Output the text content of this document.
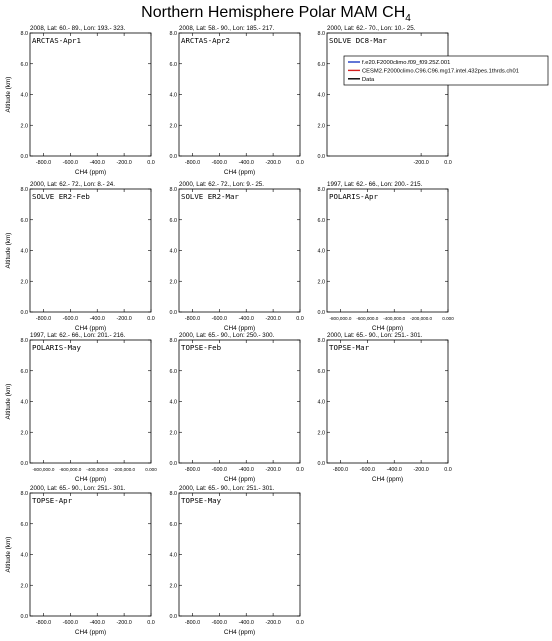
Northern Hemisphere Polar MAM $CH_4$
2008, Lat: 60.- 89., Lon: 193.- 323.
ARCTAS-Apr1
0.0
2.0
4.0
6.0
8.0
Altitude (km)
-800.0 -600.0 -400.0 -200.0	0.0
CH4 (ppm)
2008, Lat: 58.- 90., Lon: 185.- 217.
ARCTAS-Apr2
0.0
2.0
4.0
6.0
8.0
-800.0 -600.0 -400.0 -200.0	0.0
CH4 (ppm)
2000, Lat: 62.- 70., Lon: 10.- 25.
SOLVE DC8-Mar
0.0
2.0
4.0
6.0
8.0
-200.0	0.0
2000, Lat: 62.- 72., Lon: 8.- 24.
SOLVE ER2-Feb
0.0
2.0
4.0
6.0
8.0
Altitude (km)
-800.0 -600.0 -400.0 -200.0	0.0
CH4 (ppm)
2000, Lat: 62.- 72., Lon: 9.- 25.
SOLVE ER2-Mar
0.0
2.0
4.0
6.0
8.0
-800.0 -600.0 -400.0 -200.0	0.0
CH4 (ppm)
1997, Lat: 62.- 66., Lon: 200.- 215.
POLARIS-Apr
0.0
2.0
4.0
6.0
8.0
-800,000.0 -600,000.0 -400,000.0 -200,000.0 0.000
CH4 (ppm)
1997, Lat: 62.- 66., Lon: 201.- 216.
POLARIS-May
0.0
2.0
4.0
6.0
8.0
Altitude (km)
-800,000.0 -600,000.0 -400,000.0 -200,000.0 0.000
CH4 (ppm)
2000, Lat: 65.- 90., Lon: 250.- 300.
TOPSE-Feb
0.0
2.0
4.0
6.0
8.0
-800.0 -600.0 -400.0 -200.0	0.0
CH4 (ppm)
2000, Lat: 65.- 90., Lon: 251.- 301.
TOPSE-Mar
0.0
2.0
4.0
6.0
8.0
-800.0 -600.0 -400.0 -200.0	0.0
CH4 (ppm)
2000, Lat: 65.- 90., Lon: 251.- 301.
TOPSE-Apr
0.0
2.0
4.0
6.0
8.0
Altitude (km)
-800.0 -600.0 -400.0 -200.0	0.0
CH4 (ppm)
2000, Lat: 65.- 90., Lon: 251.- 301.
TOPSE-May
0.0
2.0
4.0
6.0
8.0
-800.0 -600.0 -400.0 -200.0	0.0
CH4 (ppm)
f.e20.F2000climo.f09_f09.25Z.001
CESM2.F2000climo.C96.C96.mg17.intel.432pes.1thrds.ch01
Data
